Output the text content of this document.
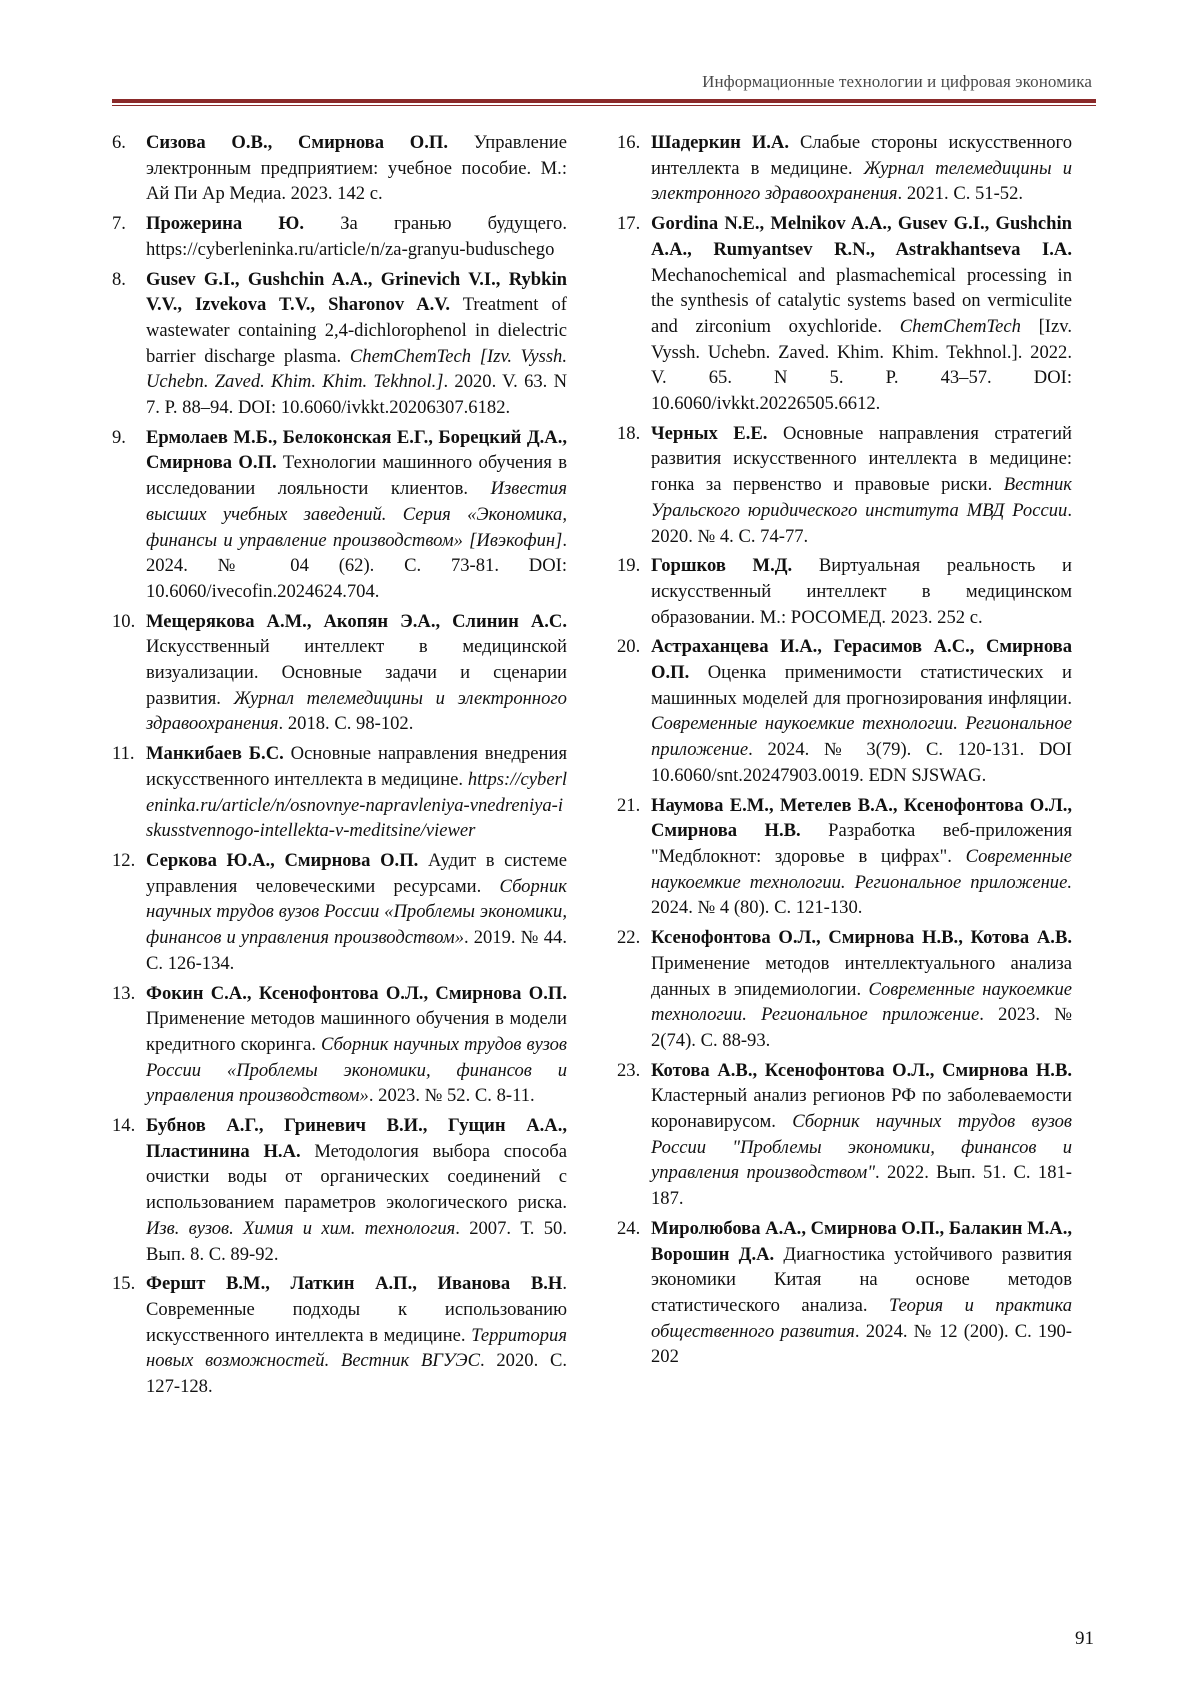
Информационные технологии и цифровая экономика
6. Сизова О.В., Смирнова О.П. Управление электронным предприятием: учебное пособие. М.: Ай Пи Ар Медиа. 2023. 142 с.
7. Прожерина Ю. За гранью будущего. https://cyberleninka.ru/article/n/za-granyu-buduschego
8. Gusev G.I., Gushchin A.A., Grinevich V.I., Rybkin V.V., Izvekova T.V., Sharonov A.V. Treatment of wastewater containing 2,4-dichlorophenol in dielectric barrier discharge plasma. ChemChemTech [Izv. Vyssh. Uchebn. Zaved. Khim. Khim. Tekhnol.]. 2020. V. 63. N 7. P. 88–94. DOI: 10.6060/ivkkt.20206307.6182.
9. Ермолаев М.Б., Белоконская Е.Г., Борецкий Д.А., Смирнова О.П. Технологии машинного обучения в исследовании лояльности клиентов. Известия высших учебных заведений. Серия «Экономика, финансы и управление производством» [Ивэкофин]. 2024. № 04 (62). С. 73-81. DOI: 10.6060/ivecofin.2024624.704.
10. Мещерякова А.М., Акопян Э.А., Слинин А.С. Искусственный интеллект в медицинской визуализации. Основные задачи и сценарии развития. Журнал телемедицины и электронного здравоохранения. 2018. С. 98-102.
11. Манкибаев Б.С. Основные направления внедрения искусственного интеллекта в медицине. https://cyberleninka.ru/article/n/osnovnye-napravleniya-vnedreniya-iskusstvennogo-intellekta-v-meditsine/viewer
12. Серкова Ю.А., Смирнова О.П. Аудит в системе управления человеческими ресурсами. Сборник научных трудов вузов России «Проблемы экономики, финансов и управления производством». 2019. № 44. С. 126-134.
13. Фокин С.А., Ксенофонтова О.Л., Смирнова О.П. Применение методов машинного обучения в модели кредитного скоринга. Сборник научных трудов вузов России «Проблемы экономики, финансов и управления производством». 2023. № 52. С. 8-11.
14. Бубнов А.Г., Гриневич В.И., Гущин А.А., Пластинина Н.А. Методология выбора способа очистки воды от органических соединений с использованием параметров экологического риска. Изв. вузов. Химия и хим. технология. 2007. Т. 50. Вып. 8. С. 89-92.
15. Фершт В.М., Латкин А.П., Иванова В.Н. Современные подходы к использованию искусственного интеллекта в медицине. Территория новых возможностей. Вестник ВГУЭС. 2020. С. 127-128.
16. Шадеркин И.А. Слабые стороны искусственного интеллекта в медицине. Журнал телемедицины и электронного здравоохранения. 2021. С. 51-52.
17. Gordina N.E., Melnikov A.A., Gusev G.I., Gushchin A.A., Rumyantsev R.N., Astrakhantseva I.A. Mechanochemical and plasmachemical processing in the synthesis of catalytic systems based on vermiculite and zirconium oxychloride. ChemChemTech [Izv. Vyssh. Uchebn. Zaved. Khim. Khim. Tekhnol.]. 2022. V. 65. N 5. P. 43–57. DOI: 10.6060/ivkkt.20226505.6612.
18. Черных Е.Е. Основные направления стратегий развития искусственного интеллекта в медицине: гонка за первенство и правовые риски. Вестник Уральского юридического института МВД России. 2020. № 4. С. 74-77.
19. Горшков М.Д. Виртуальная реальность и искусственный интеллект в медицинском образовании. М.: РОСОМЕД. 2023. 252 с.
20. Астраханцева И.А., Герасимов А.С., Смирнова О.П. Оценка применимости статистических и машинных моделей для прогнозирования инфляции. Современные наукоемкие технологии. Региональное приложение. 2024. № 3(79). С. 120-131. DOI 10.6060/snt.20247903.0019. EDN SJSWAG.
21. Наумова Е.М., Метелев В.А., Ксенофонтова О.Л., Смирнова Н.В. Разработка веб-приложения "Медблокнот: здоровье в цифрах". Современные наукоемкие технологии. Региональное приложение. 2024. № 4 (80). С. 121-130.
22. Ксенофонтова О.Л., Смирнова Н.В., Котова А.В. Применение методов интеллектуального анализа данных в эпидемиологии. Современные наукоемкие технологии. Региональное приложение. 2023. № 2(74). С. 88-93.
23. Котова А.В., Ксенофонтова О.Л., Смирнова Н.В. Кластерный анализ регионов РФ по заболеваемости коронавирусом. Сборник научных трудов вузов России "Проблемы экономики, финансов и управления производством". 2022. Вып. 51. С. 181-187.
24. Миролюбова А.А., Смирнова О.П., Балакин М.А., Ворошин Д.А. Диагностика устойчивого развития экономики Китая на основе методов статистического анализа. Теория и практика общественного развития. 2024. № 12 (200). С. 190-202
91
